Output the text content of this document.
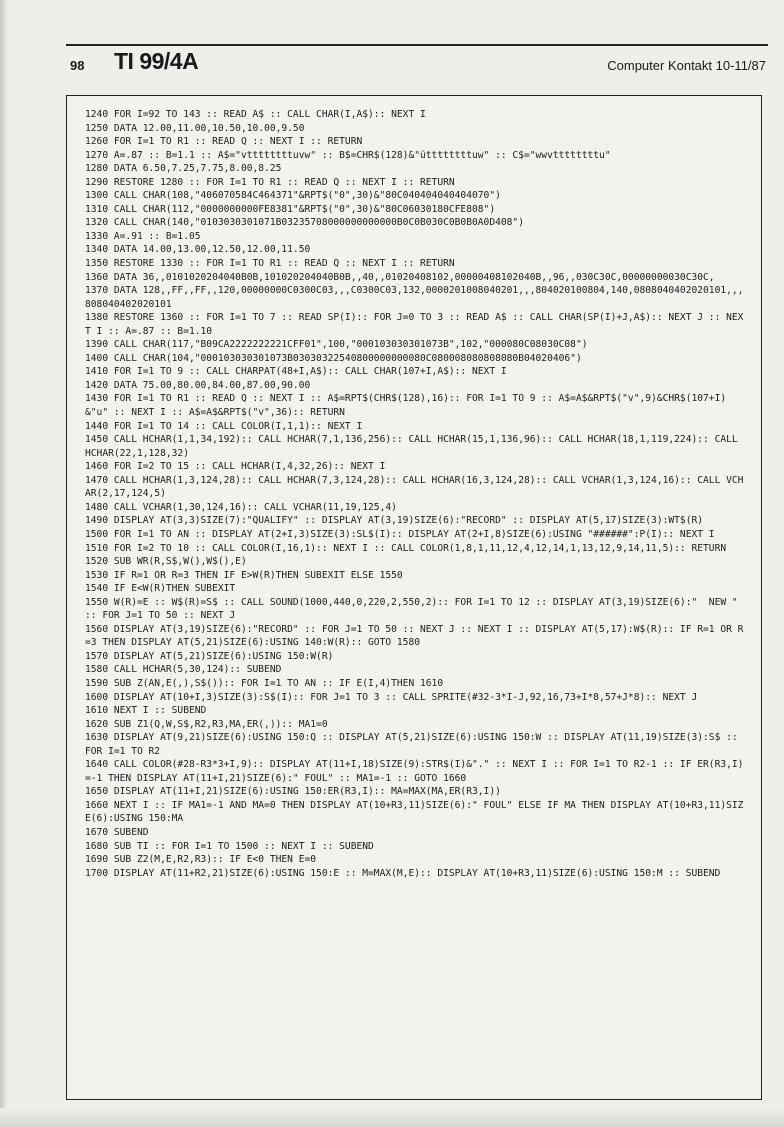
98 TI 99/4A	Computer Kontakt 10-11/87
1240 FOR I=92 TO 143 :: READ A$ :: CALL CHAR(I,A$):: NEXT I
1250 DATA 12.00,11.00,10.50,10.00,9.50
1260 FOR I=1 TO R1 :: READ Q :: NEXT I :: RETURN
1270 A=.87 :: B=1.1 :: A$="vttttttttuvw" :: B$=CHR$(128)&"üttttttttuw" :: C$="wwvttttttttu"
1280 DATA 6.50,7.25,7.75,8.00,8.25
1290 RESTORE 1280 :: FOR I=1 TO R1 :: READ Q :: NEXT I :: RETURN
1300 CALL CHAR(108,"406070584C464371"&RPT$("0",30)&"80C040404040404070")
1310 CALL CHAR(112,"0000000000FE8381"&RPT$("0",30)&"80C06030180CFE808")
1320 CALL CHAR(140,"0103030301071B03235708000000000000B0C0B030C0B0B0A0D408")
1330 A=.91 :: B=1.05
1340 DATA 14.00,13.00,12.50,12.00,11.50
1350 RESTORE 1330 :: FOR I=1 TO R1 :: READ Q :: NEXT I :: RETURN
1360 DATA 36,,0101020204040B0B,101020204040B0B,,40,,01020408102,00000408102040B,,96,,030C30C,00000000030C30C,
1370 DATA 128,,FF,,FF,,120,00000000C0300C03,,,C0300C03,132,0000201008040201,,,804020100804,140,0808040402020101,,,808040402020101
1380 RESTORE 1360 :: FOR I=1 TO 7 :: READ SP(I):: FOR J=0 TO 3 :: READ A$ :: CALL CHAR(SP(I)+J,A$):: NEXT J :: NEXT I :: A=.87 :: B=1.10
1390 CALL CHAR(117,"B09CA2222222221CFF01",100,"000103030301073B",102,"000080C08030C08")
1400 CALL CHAR(104,"000103030301073B03030322540800000000080C080008080808080B04020406")
1410 FOR I=1 TO 9 :: CALL CHARPAT(48+I,A$):: CALL CHAR(107+I,A$):: NEXT I
1420 DATA 75.00,80.00,84.00,87.00,90.00
1430 FOR I=1 TO R1 :: READ Q :: NEXT I :: A$=RPT$(CHR$(128),16):: FOR I=1 TO 9 :: A$=A$&RPT$("v",9)&CHR$(107+I)&"u" :: NEXT I :: A$=A$&RPT$("v",36):: RETURN
1440 FOR I=1 TO 14 :: CALL COLOR(I,1,1):: NEXT I
1450 CALL HCHAR(1,1,34,192):: CALL HCHAR(7,1,136,256):: CALL HCHAR(15,1,136,96):: CALL HCHAR(18,1,119,224):: CALL HCHAR(22,1,128,32)
1460 FOR I=2 TO 15 :: CALL HCHAR(I,4,32,26):: NEXT I
1470 CALL HCHAR(1,3,124,28):: CALL HCHAR(7,3,124,28):: CALL HCHAR(16,3,124,28):: CALL VCHAR(1,3,124,16):: CALL VCHAR(2,17,124,5)
1480 CALL VCHAR(1,30,124,16):: CALL VCHAR(11,19,125,4)
1490 DISPLAY AT(3,3)SIZE(7):"QUALIFY" :: DISPLAY AT(3,19)SIZE(6):"RECORD" :: DISPLAY AT(5,17)SIZE(3):WT$(R)
1500 FOR I=1 TO AN :: DISPLAY AT(2+I,3)SIZE(3):SL$(I):: DISPLAY AT(2+I,8)SIZE(6):USING "######":P(I):: NEXT I
1510 FOR I=2 TO 10 :: CALL COLOR(I,16,1):: NEXT I :: CALL COLOR(1,8,1,11,12,4,12,14,1,13,12,9,14,11,5):: RETURN
1520 SUB WR(R,S$,W(),W$(),E)
1530 IF R=1 OR R=3 THEN IF E>W(R)THEN SUBEXIT ELSE 1550
1540 IF E<W(R)THEN SUBEXIT
1550 W(R)=E :: W$(R)=S$ :: CALL SOUND(1000,440,0,220,2,550,2):: FOR I=1 TO 12 :: DISPLAY AT(3,19)SIZE(6):"  NEW " :: FOR J=1 TO 50 :: NEXT J
1560 DISPLAY AT(3,19)SIZE(6):"RECORD" :: FOR J=1 TO 50 :: NEXT J :: NEXT I :: DISPLAY AT(5,17):W$(R):: IF R=1 OR R=3 THEN DISPLAY AT(5,21)SIZE(6):USING 140:W(R):: GOTO 1580
1570 DISPLAY AT(5,21)SIZE(6):USING 150:W(R)
1580 CALL HCHAR(5,30,124):: SUBEND
1590 SUB Z(AN,E(,),S$()):: FOR I=1 TO AN :: IF E(I,4)THEN 1610
1600 DISPLAY AT(10+I,3)SIZE(3):S$(I):: FOR J=1 TO 3 :: CALL SPRITE(#32-3*I-J,92,16,73+I*8,57+J*8):: NEXT J
1610 NEXT I :: SUBEND
1620 SUB Z1(Q,W,S$,R2,R3,MA,ER(,)):: MA1=0
1630 DISPLAY AT(9,21)SIZE(6):USING 150:Q :: DISPLAY AT(5,21)SIZE(6):USING 150:W :: DISPLAY AT(11,19)SIZE(3):S$ :: FOR I=1 TO R2
1640 CALL COLOR(#28-R3*3+I,9):: DISPLAY AT(11+I,18)SIZE(9):STR$(I)&"." :: NEXT I :: FOR I=1 TO R2-1 :: IF ER(R3,I)=-1 THEN DISPLAY AT(11+I,21)SIZE(6):" FOUL" :: MA1=-1 :: GOTO 1660
1650 DISPLAY AT(11+I,21)SIZE(6):USING 150:ER(R3,I):: MA=MAX(MA,ER(R3,I))
1660 NEXT I :: IF MA1=-1 AND MA=0 THEN DISPLAY AT(10+R3,11)SIZE(6):" FOUL" ELSE IF MA THEN DISPLAY AT(10+R3,11)SIZE(6):USING 150:MA
1670 SUBEND
1680 SUB TI :: FOR I=1 TO 1500 :: NEXT I :: SUBEND
1690 SUB Z2(M,E,R2,R3):: IF E<0 THEN E=0
1700 DISPLAY AT(11+R2,21)SIZE(6):USING 150:E :: M=MAX(M,E):: DISPLAY AT(10+R3,11)SIZE(6):USING 150:M :: SUBEND
